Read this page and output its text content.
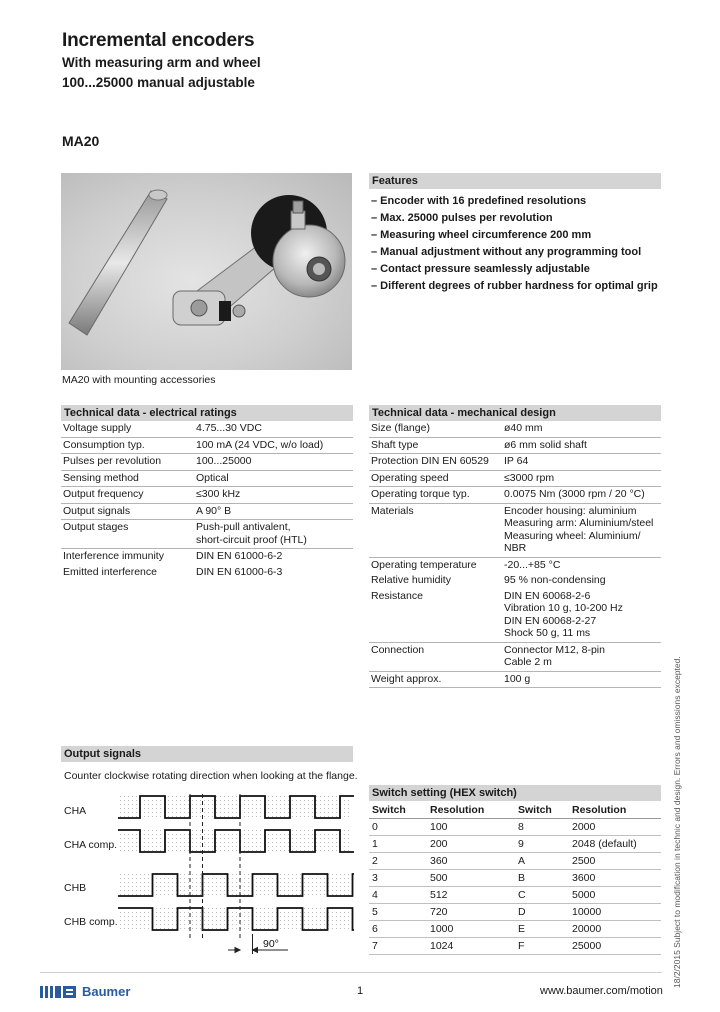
Incremental encoders
With measuring arm and wheel
100...25000 manual adjustable
MA20
MA20 with mounting accessories
Features
– Encoder with 16 predefined resolutions
– Max. 25000 pulses per revolution
– Measuring wheel circumference 200 mm
– Manual adjustment without any programming tool
– Contact pressure seamlessly adjustable
– Different degrees of rubber hardness for optimal grip
Technical data - electrical ratings
Voltage supply	4.75...30 VDC
Consumption typ.	100 mA (24 VDC, w/o load)
Pulses per revolution	100...25000
Sensing method	Optical
Output frequency	≤300 kHz
Output signals	A 90° B
Output stages	Push-pull antivalent,
short-circuit proof (HTL)

Interference immunity	DIN EN 61000-6-2
Emitted interference	DIN EN 61000-6-3
Technical data - mechanical design
Size (flange)	ø40 mm
Shaft type	ø6 mm solid shaft
Protection DIN EN 60529	IP 64
Operating speed	≤3000 rpm
Operating torque typ.	0.0075 Nm (3000 rpm / 20 °C)
Materials	Encoder housing: aluminium
Measuring arm: Aluminium/steel
Measuring wheel: Aluminium/
NBR

Operating temperature	-20...+85 °C
Relative humidity	95 % non-condensing
Resistance	DIN EN 60068-2-6
Vibration 10 g, 10-200 Hz
DIN EN 60068-2-27
Shock 50 g, 11 ms

Connection	Connector M12, 8-pin
Cable 2 m

Weight approx.	100 g
Output signals
Counter clockwise rotating direction when looking at the flange.
CHA
CHA comp.
CHB
CHB comp.
90°
Switch setting (HEX switch)
Switch	Resolution	Switch	Resolution
0	100	8	2000
1	200	9	2048 (default)
2	360	A	2500
3	500	B	3600
4	512	C	5000
5	720	D	10000
6	1000	E	20000
7	1024	F	25000
Baumer	1	www.baumer.com/motion
18/2/2015 Subject to modification in technic and design. Errors and omissions excepted.
